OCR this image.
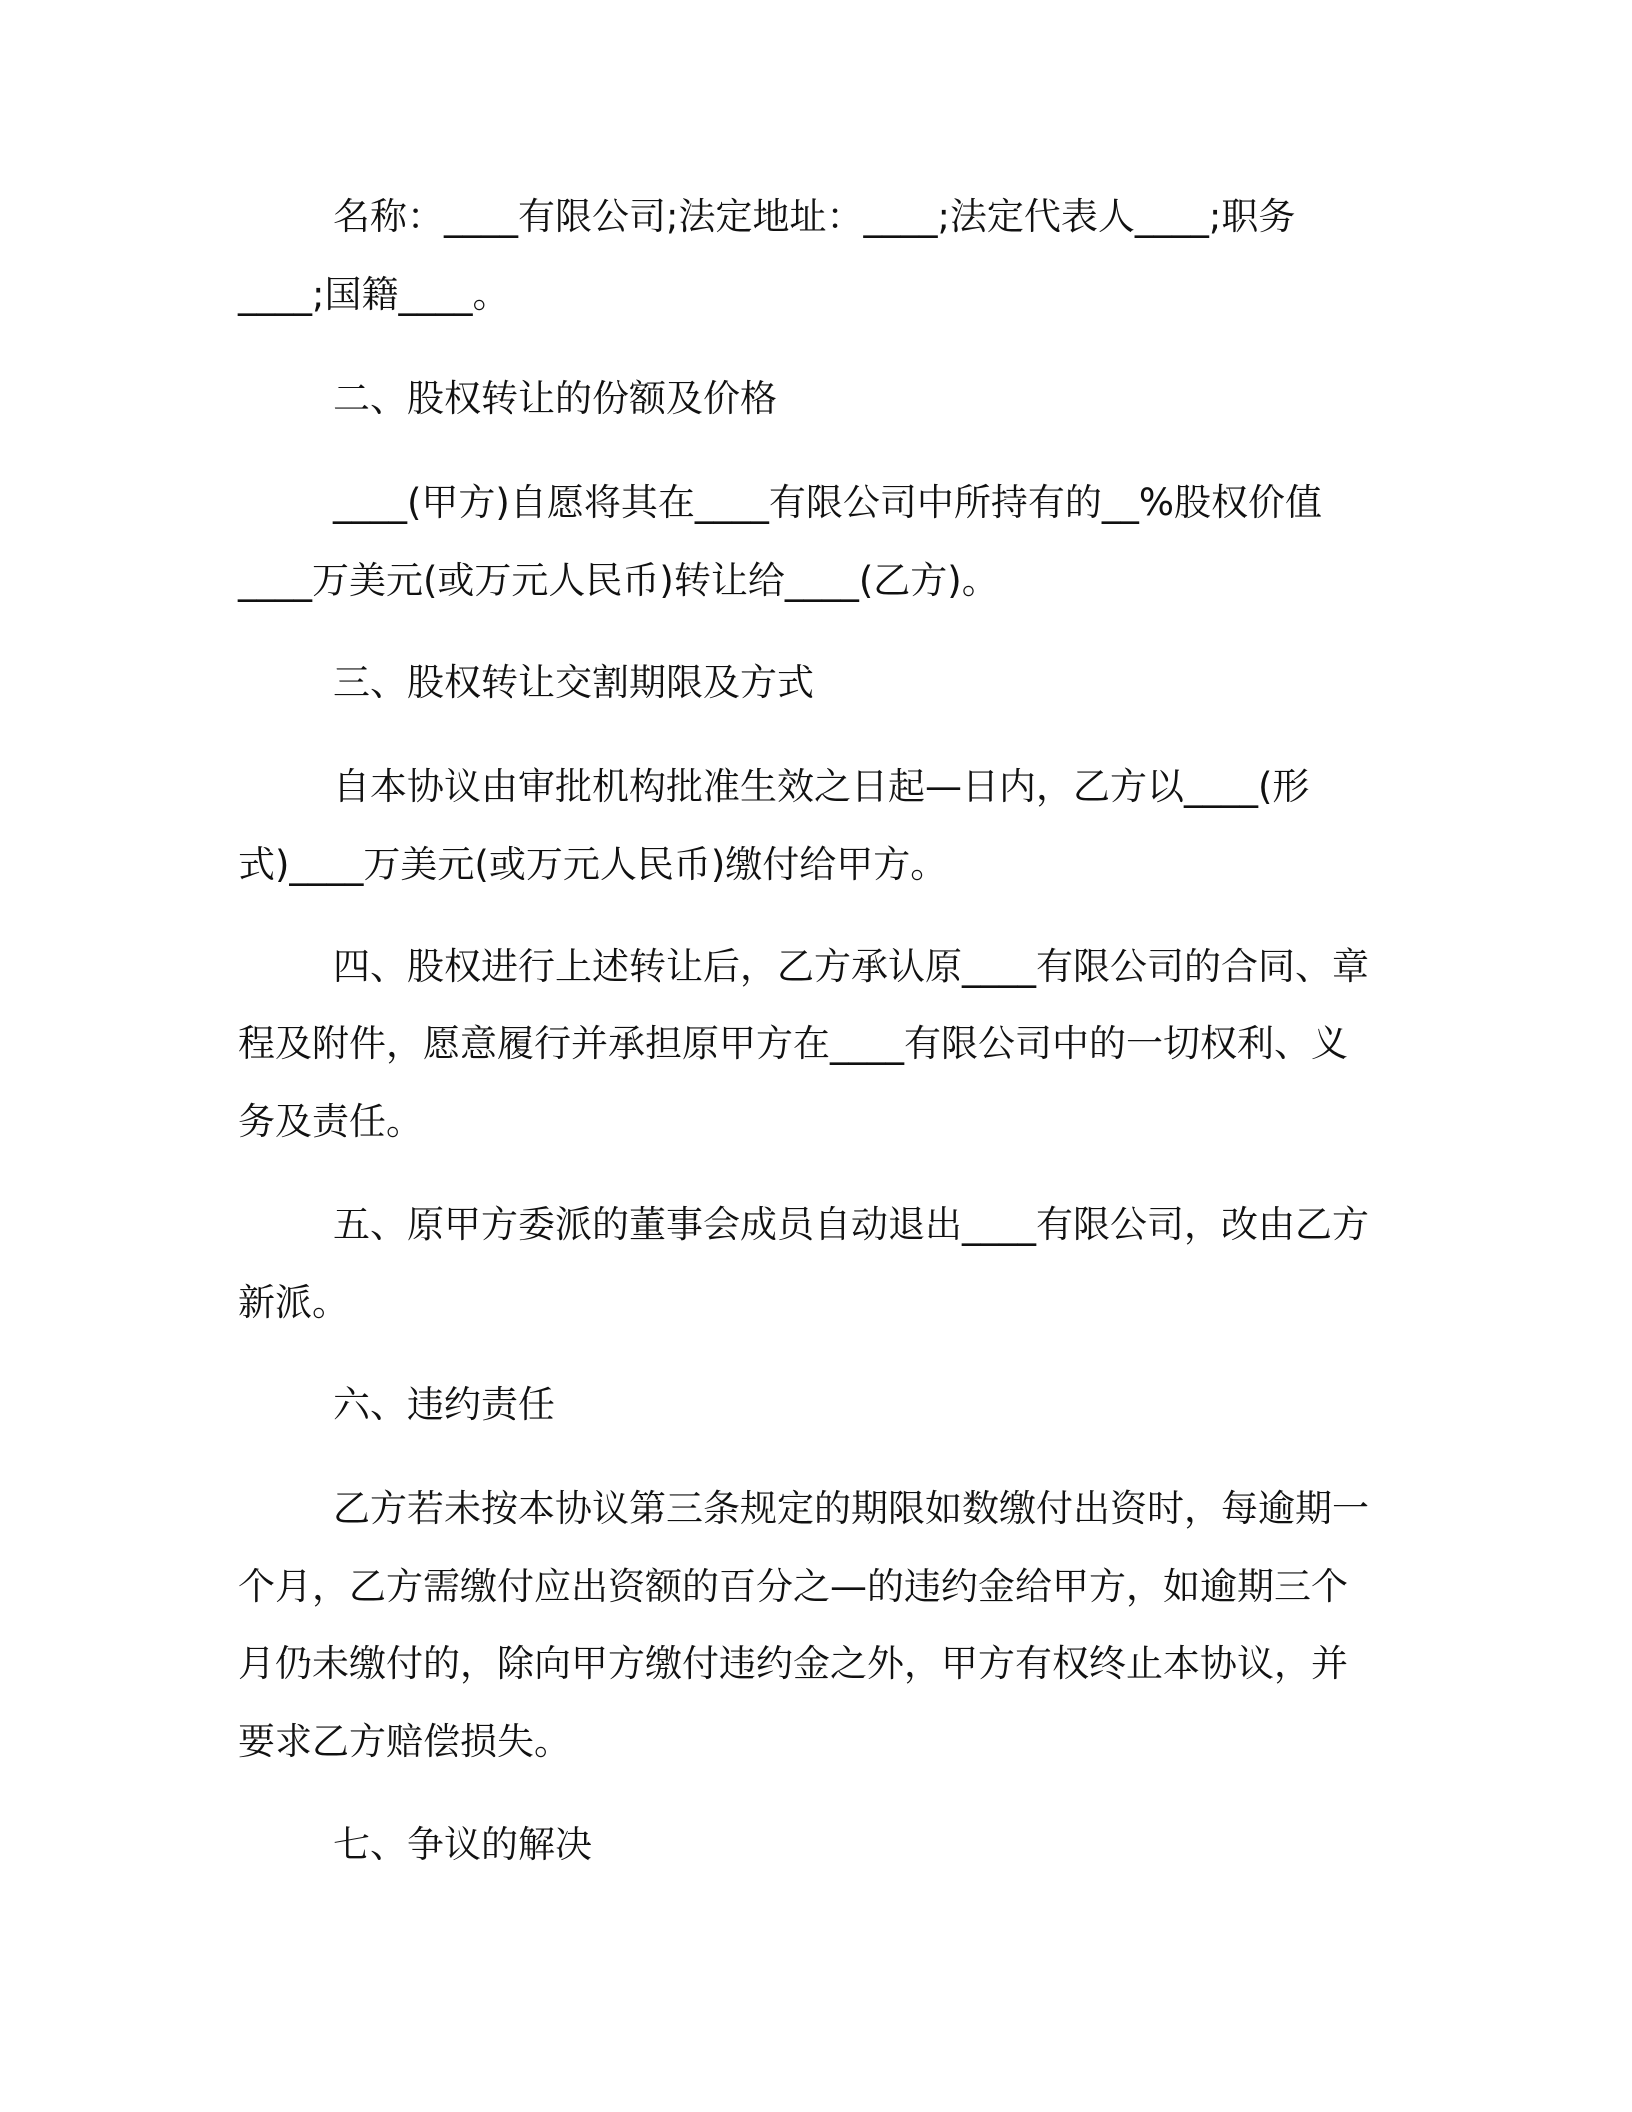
名称：____有限公司;法定地址：____;法定代表人____;职务
____;国籍____。
二、股权转让的份额及价格
____(甲方)自愿将其在____有限公司中所持有的__%股权价值
____万美元(或万元人民币)转让给____(乙方)。
三、股权转让交割期限及方式
自本协议由审批机构批准生效之日起—日内，乙方以____(形
式)____万美元(或万元人民币)缴付给甲方。
四、股权进行上述转让后，乙方承认原____有限公司的合同、章
程及附件，愿意履行并承担原甲方在____有限公司中的一切权利、义
务及责任。
五、原甲方委派的董事会成员自动退出____有限公司，改由乙方
新派。
六、违约责任
乙方若未按本协议第三条规定的期限如数缴付出资时，每逾期一
个月，乙方需缴付应出资额的百分之—的违约金给甲方，如逾期三个
月仍未缴付的，除向甲方缴付违约金之外，甲方有权终止本协议，并
要求乙方赔偿损失。
七、争议的解决
